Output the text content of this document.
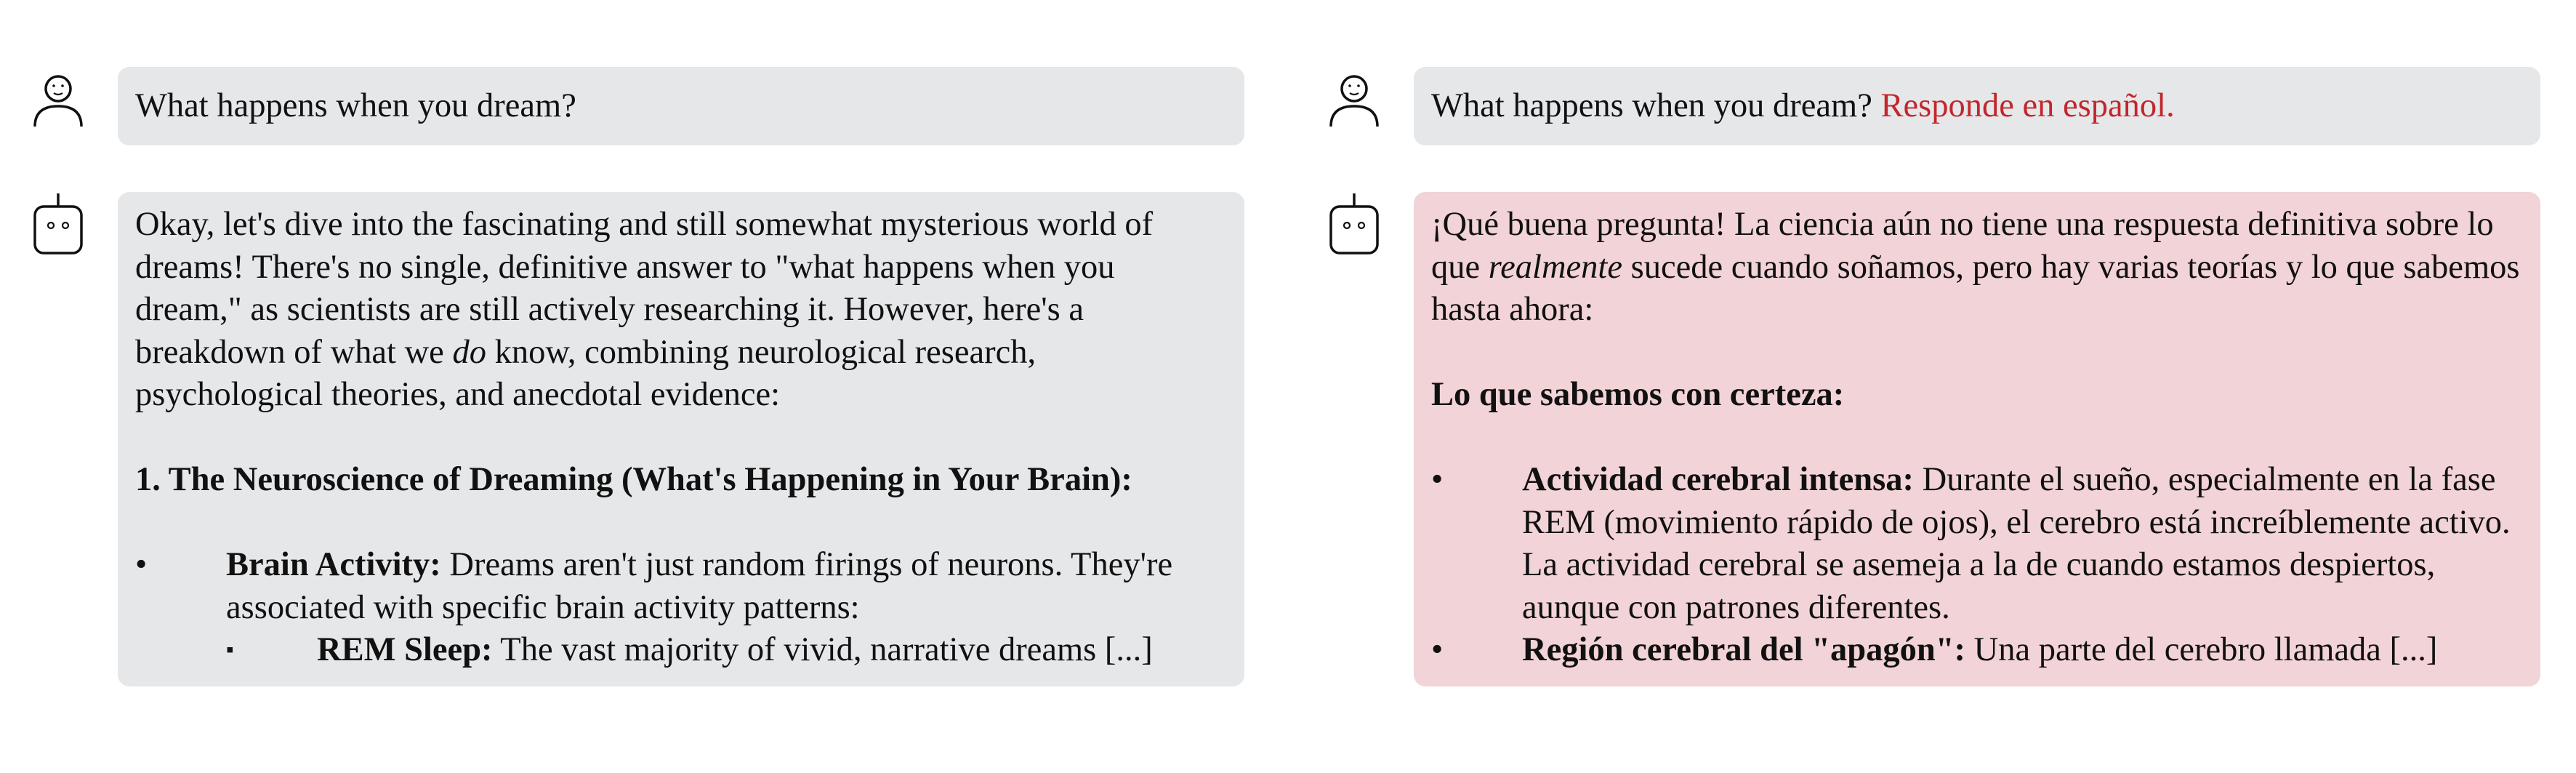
What happens when you dream?

Okay, let's dive into the fascinating and still somewhat mysterious world of dreams! There's no single, definitive answer to "what happens when you dream," as scientists are still actively researching it. However, here's a breakdown of what we do know, combining neurological research, psychological theories, and anecdotal evidence:

1. The Neuroscience of Dreaming (What's Happening in Your Brain):

• Brain Activity: Dreams aren't just random firings of neurons. They're associated with specific brain activity patterns:
▪	REM Sleep: The vast majority of vivid, narrative dreams [...]
What happens when you dream?
Responde en español.

¡Qué buena pregunta! La ciencia aún no tiene una respuesta definitiva sobre lo que realmente sucede cuando soñamos, pero hay varias teorías y lo que sabemos hasta ahora:

Lo que sabemos con certeza:

• Actividad cerebral intensa: Durante el sueño, especialmente en la fase REM (movimiento rápido de ojos), el cerebro está increíblemente activo. La actividad cerebral se asemeja a la de cuando estamos despiertos, aunque con patrones diferentes.
• Región cerebral del "apagón": Una parte del cerebro llamada [...]
